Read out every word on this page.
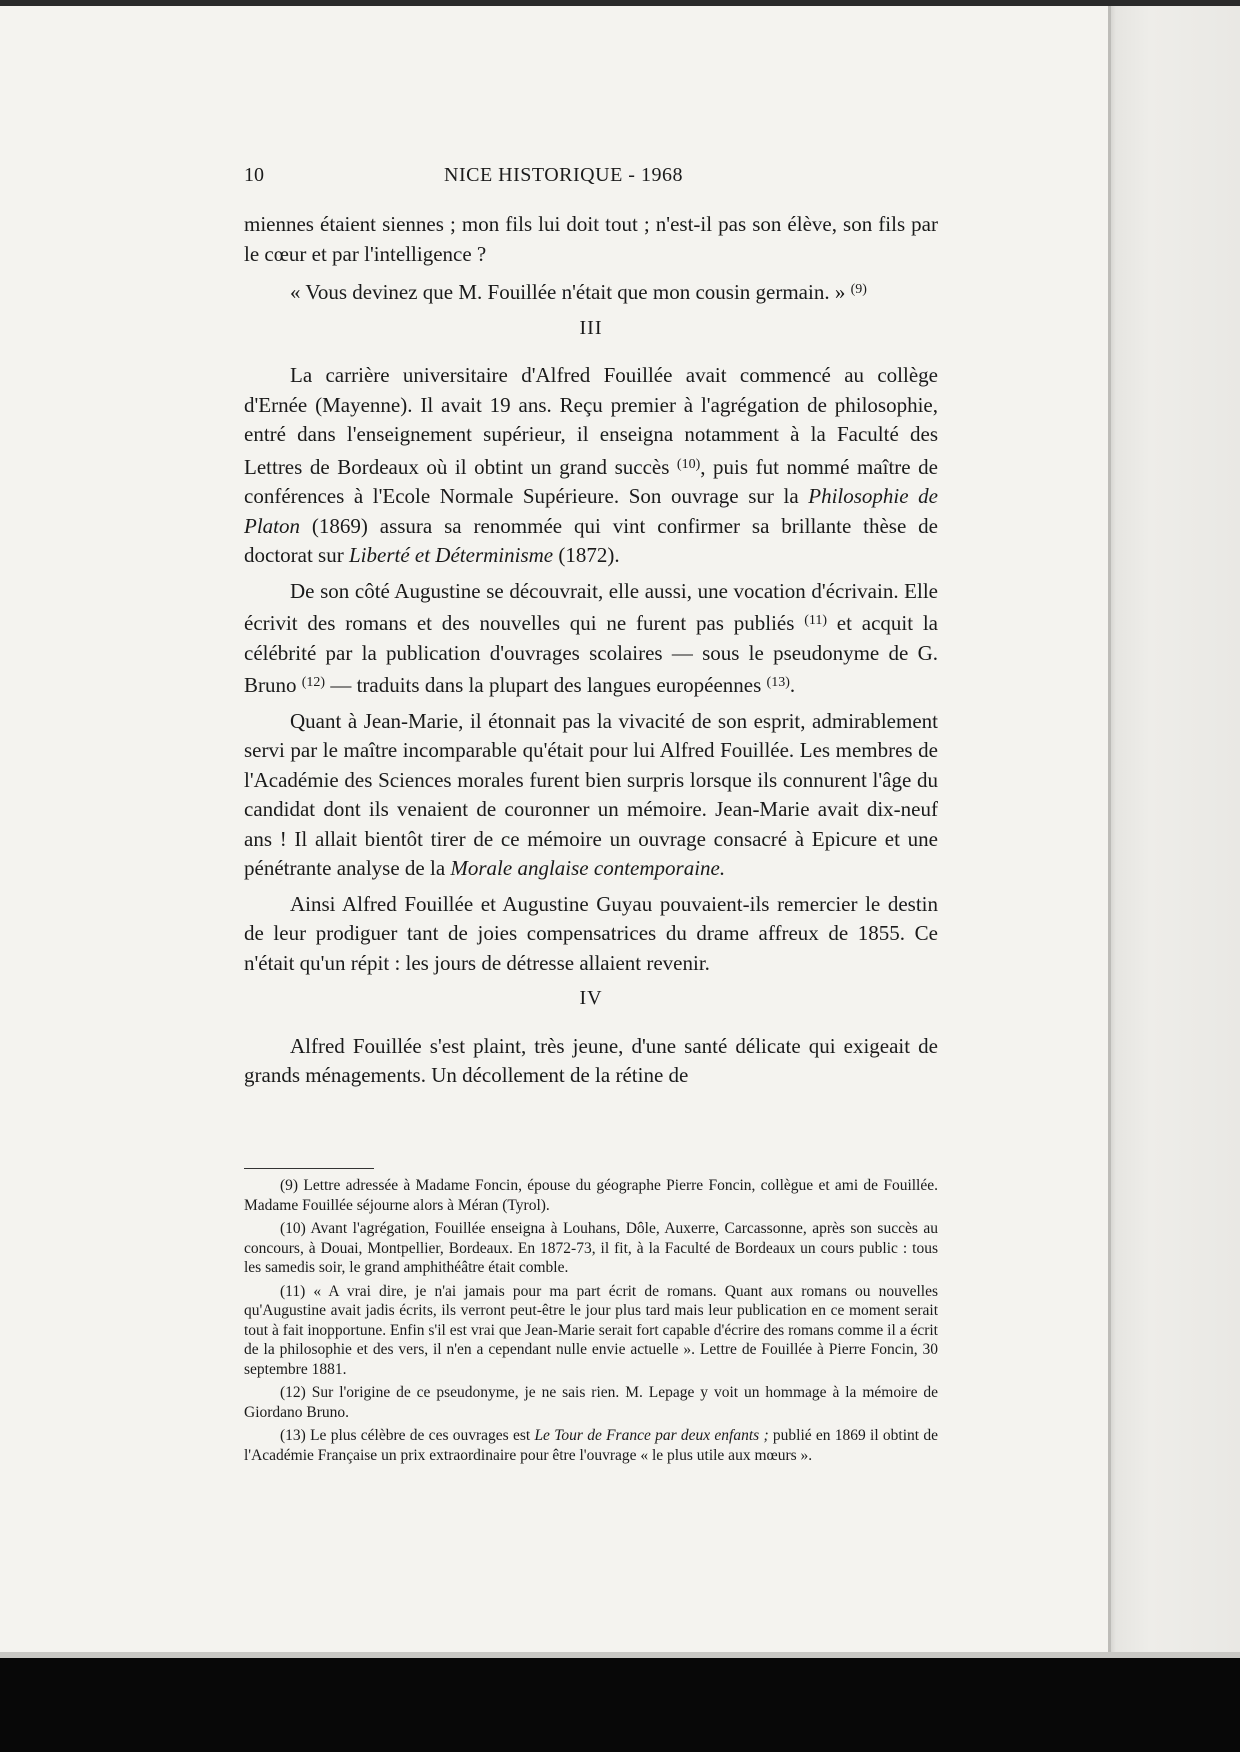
10	NICE HISTORIQUE - 1968

miennes étaient siennes ; mon fils lui doit tout ; n'est-il pas son élève, son fils par le cœur et par l'intelligence ?

« Vous devinez que M. Fouillée n'était que mon cousin germain. » $^{(9)}$

III

La carrière universitaire d'Alfred Fouillée avait commencé au collège d'Ernée (Mayenne). Il avait 19 ans. Reçu premier à l'agrégation de philosophie, entré dans l'enseignement supérieur, il enseigna notamment à la Faculté des Lettres de Bordeaux où il obtint un grand succès $^{(10)}$, puis fut nommé maître de conférences à l'Ecole Normale Supérieure. Son ouvrage sur la Philosophie de Platon (1869) assura sa renommée qui vint confirmer sa brillante thèse de doctorat sur Liberté et Déterminisme (1872).

De son côté Augustine se découvrait, elle aussi, une vocation d'écrivain. Elle écrivit des romans et des nouvelles qui ne furent pas publiés $^{(11)}$ et acquit la célébrité par la publication d'ouvrages scolaires — sous le pseudonyme de G. Bruno $^{(12)}$ — traduits dans la plupart des langues européennes $^{(13)}$.

Quant à Jean-Marie, il étonnait pas la vivacité de son esprit, admirablement servi par le maître incomparable qu'était pour lui Alfred Fouillée. Les membres de l'Académie des Sciences morales furent bien surpris lorsque ils connurent l'âge du candidat dont ils venaient de couronner un mémoire. Jean-Marie avait dix-neuf ans ! Il allait bientôt tirer de ce mémoire un ouvrage consacré à Epicure et une pénétrante analyse de la Morale anglaise contemporaine.

Ainsi Alfred Fouillée et Augustine Guyau pouvaient-ils remercier le destin de leur prodiguer tant de joies compensatrices du drame affreux de 1855. Ce n'était qu'un répit : les jours de détresse allaient revenir.

IV

Alfred Fouillée s'est plaint, très jeune, d'une santé délicate qui exigeait de grands ménagements. Un décollement de la rétine de

(9) Lettre adressée à Madame Foncin, épouse du géographe Pierre Foncin, collègue et ami de Fouillée. Madame Fouillée séjourne alors à Méran (Tyrol).

(10) Avant l'agrégation, Fouillée enseigna à Louhans, Dôle, Auxerre, Carcassonne, après son succès au concours, à Douai, Montpellier, Bordeaux. En 1872-73, il fit, à la Faculté de Bordeaux un cours public : tous les samedis soir, le grand amphithéâtre était comble.

(11) « A vrai dire, je n'ai jamais pour ma part écrit de romans. Quant aux romans ou nouvelles qu'Augustine avait jadis écrits, ils verront peut-être le jour plus tard mais leur publication en ce moment serait tout à fait inopportune. Enfin s'il est vrai que Jean-Marie serait fort capable d'écrire des romans comme il a écrit de la philosophie et des vers, il n'en a cependant nulle envie actuelle ». Lettre de Fouillée à Pierre Foncin, 30 septembre 1881.

(12) Sur l'origine de ce pseudonyme, je ne sais rien. M. Lepage y voit un hommage à la mémoire de Giordano Bruno.

(13) Le plus célèbre de ces ouvrages est Le Tour de France par deux enfants ; publié en 1869 il obtint de l'Académie Française un prix extraordinaire pour être l'ouvrage « le plus utile aux mœurs ».
